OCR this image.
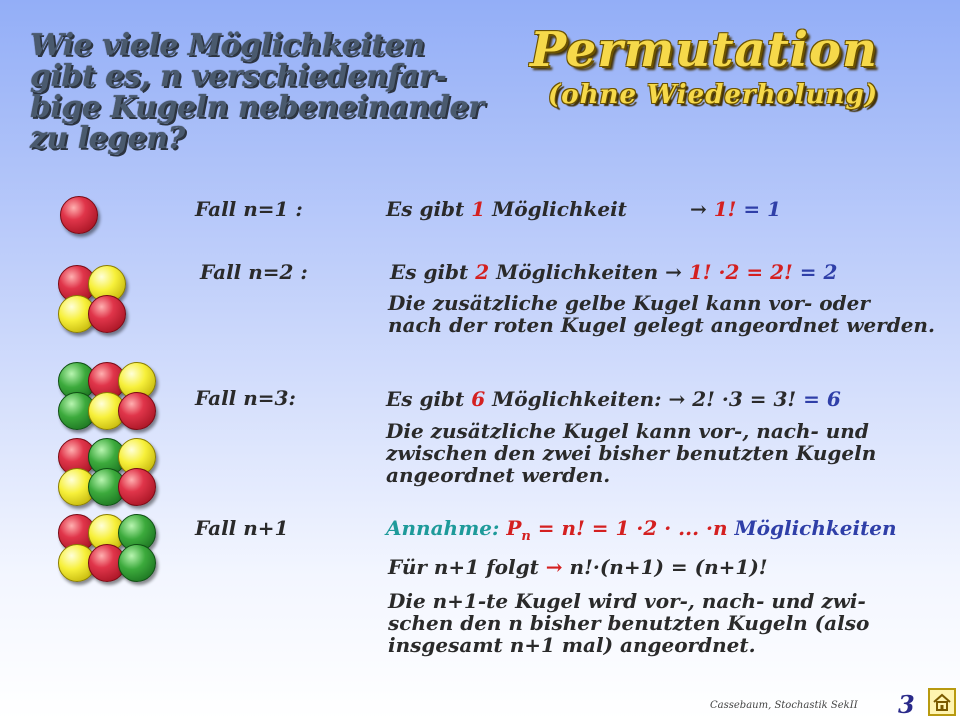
Wie viele Möglichkeiten
gibt es, n verschiedenfar-
bige Kugeln nebeneinander
zu legen?
Permutation
(ohne Wiederholung)
Fall n=1 :	Es gibt 1 Möglichkeit	→ 1! = 1
Fall n=2 :	Es gibt 2 Möglichkeiten → 1! ·2 = 2! = 2
Die zusätzliche gelbe Kugel kann vor- oder
nach der roten Kugel gelegt angeordnet werden.
Fall n=3:	Es gibt 6 Möglichkeiten: → 2! ·3 = 3! = 6
Die zusätzliche Kugel kann vor-, nach- und
zwischen den zwei bisher benutzten Kugeln
angeordnet werden.
Fall n+1	Annahme: $P_n = n$! = 1 ·2 · ... ·n Möglichkeiten
Für n+1 folgt → n!·(n+1) = (n+1)!
Die n+1-te Kugel wird vor-, nach- und zwi-
schen den n bisher benutzten Kugeln (also
insgesamt n+1 mal) angeordnet.
Cassebaum, Stochastik SekII 3
